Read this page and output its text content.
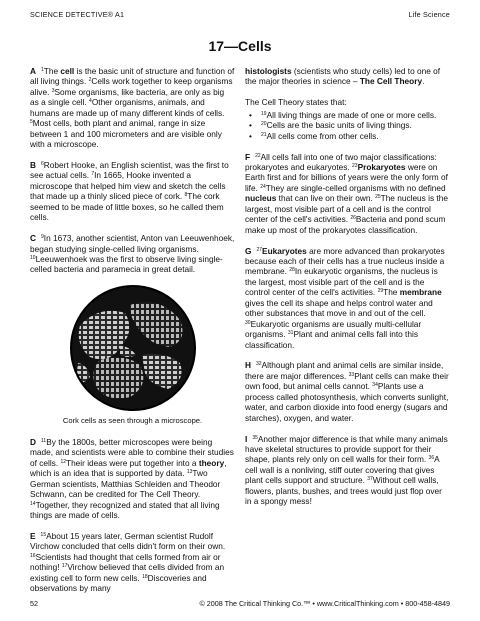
SCIENCE DETECTIVE® A1	Life Science
17—Cells

A $^1$The cell is the basic unit of structure and function of all living things. $^2$Cells work together to keep organisms alive. $^3$Some organisms, like bacteria, are only as big as a single cell. $^4$Other organisms, animals, and humans are made up of many different kinds of cells. $^5$Most cells, both plant and animal, range in size between 1 and 100 micrometers and are visible only with a microscope.

B $^6$Robert Hooke, an English scientist, was the first to see actual cells. $^7$In 1665, Hooke invented a microscope that helped him view and sketch the cells that made up a thinly sliced piece of cork. $^8$The cork seemed to be made of little boxes, so he called them cells.

C $^9$In 1673, another scientist, Anton van Leeuwenhoek, began studying single-celled living organisms. $^{10}$Leeuwenhoek was the first to observe living single-celled bacteria and paramecia in great detail.

Cork cells as seen through a microscope.

D $^{11}$By the 1800s, better microscopes were being made, and scientists were able to combine their studies of cells. $^{12}$Their ideas were put together into a theory, which is an idea that is supported by data. $^{13}$Two German scientists, Matthias Schleiden and Theodor Schwann, can be credited for The Cell Theory. $^{14}$Together, they recognized and stated that all living things are made of cells.

E $^{15}$About 15 years later, German scientist Rudolf Virchow concluded that cells didn't form on their own. $^{16}$Scientists had thought that cells formed from air or nothing! $^{17}$Virchow believed that cells divided from an existing cell to form new cells. $^{18}$Discoveries and observations by many

histologists (scientists who study cells) led to one of the major theories in science – The Cell Theory.

The Cell Theory states that:

• $^{19}$All living things are made of one or more cells.
• $^{20}$Cells are the basic units of living things.
• $^{21}$All cells come from other cells.

F $^{22}$All cells fall into one of two major classifications: prokaryotes and eukaryotes. $^{23}$Prokaryotes were on Earth first and for billions of years were the only form of life. $^{24}$They are single-celled organisms with no defined nucleus that can live on their own. $^{25}$The nucleus is the largest, most visible part of a cell and is the control center of the cell's activities. $^{26}$Bacteria and pond scum make up most of the prokaryotes classification.

G $^{27}$Eukaryotes are more advanced than prokaryotes because each of their cells has a true nucleus inside a membrane. $^{28}$In eukaryotic organisms, the nucleus is the largest, most visible part of the cell and is the control center of the cell's activities. $^{29}$The membrane gives the cell its shape and helps control water and other substances that move in and out of the cell. $^{30}$Eukaryotic organisms are usually multi-cellular organisms. $^{31}$Plant and animal cells fall into this classification.

H $^{32}$Although plant and animal cells are similar inside, there are major differences. $^{33}$Plant cells can make their own food, but animal cells cannot. $^{34}$Plants use a process called photosynthesis, which converts sunlight, water, and carbon dioxide into food energy (sugars and starches), oxygen, and water.

I $^{35}$Another major difference is that while many animals have skeletal structures to provide support for their shape, plants rely only on cell walls for their form. $^{36}$A cell wall is a nonliving, stiff outer covering that gives plant cells support and structure. $^{37}$Without cell walls, flowers, plants, bushes, and trees would just flop over in a spongy mess!

52	© 2008 The Critical Thinking Co.™ • www.CriticalThinking.com • 800-458-4849
